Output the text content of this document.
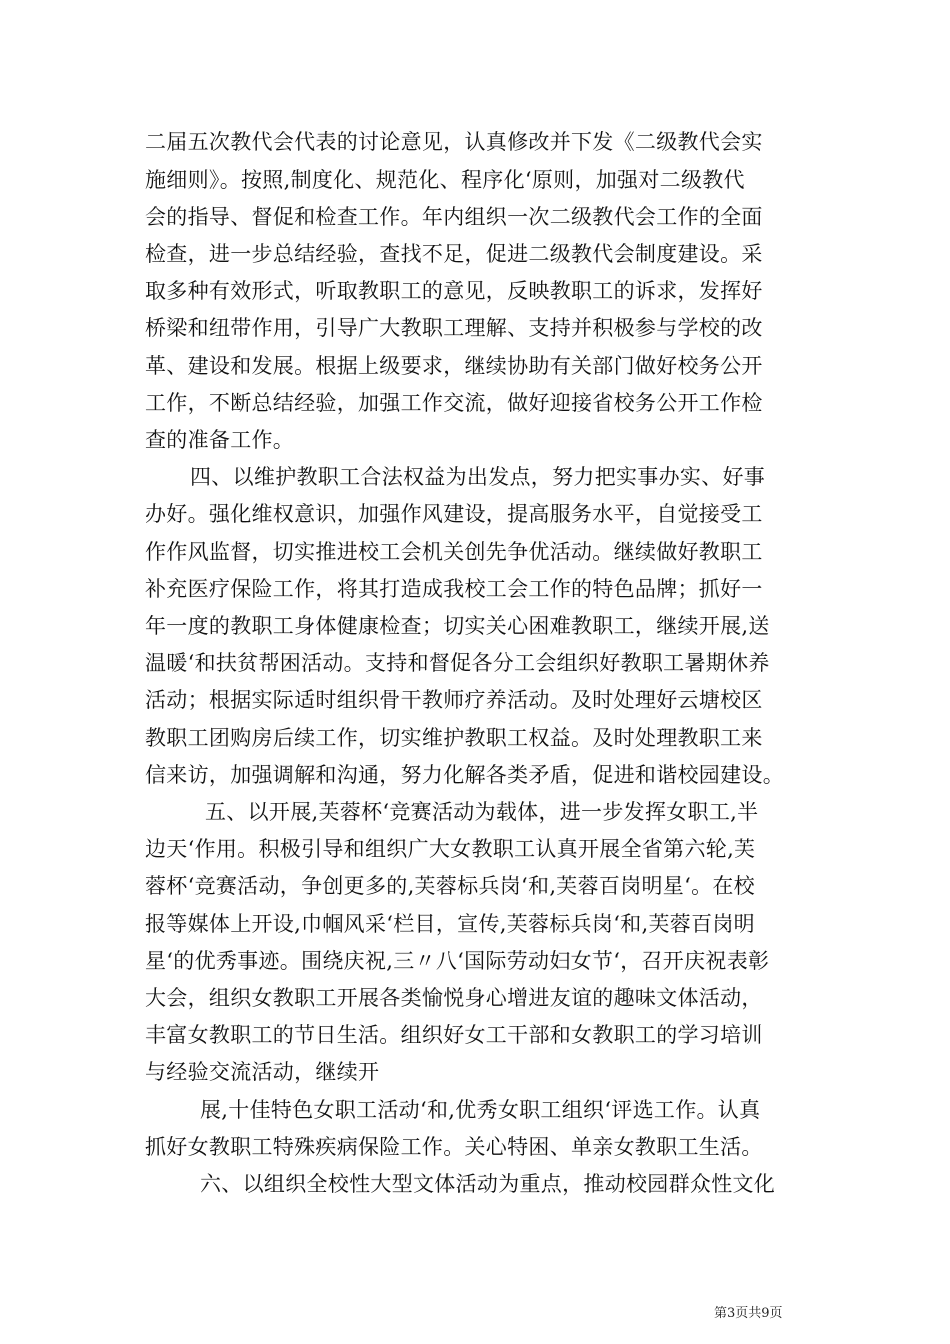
二届五次教代会代表的讨论意见，认真修改并下发《二级教代会实
施细则》。按照,制度化、规范化、程序化‘原则，加强对二级教代
会的指导、督促和检查工作。年内组织一次二级教代会工作的全面
检查，进一步总结经验，查找不足，促进二级教代会制度建设。采
取多种有效形式，听取教职工的意见，反映教职工的诉求，发挥好
桥梁和纽带作用，引导广大教职工理解、支持并积极参与学校的改
革、建设和发展。根据上级要求，继续协助有关部门做好校务公开
工作，不断总结经验，加强工作交流，做好迎接省校务公开工作检
查的准备工作。
四、以维护教职工合法权益为出发点，努力把实事办实、好事
办好。强化维权意识，加强作风建设，提高服务水平，自觉接受工
作作风监督，切实推进校工会机关创先争优活动。继续做好教职工
补充医疗保险工作，将其打造成我校工会工作的特色品牌；抓好一
年一度的教职工身体健康检查；切实关心困难教职工，继续开展,送
温暖‘和扶贫帮困活动。支持和督促各分工会组织好教职工暑期休养
活动；根据实际适时组织骨干教师疗养活动。及时处理好云塘校区
教职工团购房后续工作，切实维护教职工权益。及时处理教职工来
信来访，加强调解和沟通，努力化解各类矛盾，促进和谐校园建设。
五、以开展,芙蓉杯‘竞赛活动为载体，进一步发挥女职工,半
边天‘作用。积极引导和组织广大女教职工认真开展全省第六轮,芙
蓉杯‘竞赛活动，争创更多的,芙蓉标兵岗‘和,芙蓉百岗明星‘。在校
报等媒体上开设,巾帼风采‘栏目，宣传,芙蓉标兵岗‘和,芙蓉百岗明
星‘的优秀事迹。围绕庆祝,三〃八‘国际劳动妇女节‘，召开庆祝表彰
大会，组织女教职工开展各类愉悦身心增进友谊的趣味文体活动，
丰富女教职工的节日生活。组织好女工干部和女教职工的学习培训
与经验交流活动，继续开
展,十佳特色女职工活动‘和,优秀女职工组织‘评选工作。认真
抓好女教职工特殊疾病保险工作。关心特困、单亲女教职工生活。
六、以组织全校性大型文体活动为重点，推动校园群众性文化
第3页共9页
